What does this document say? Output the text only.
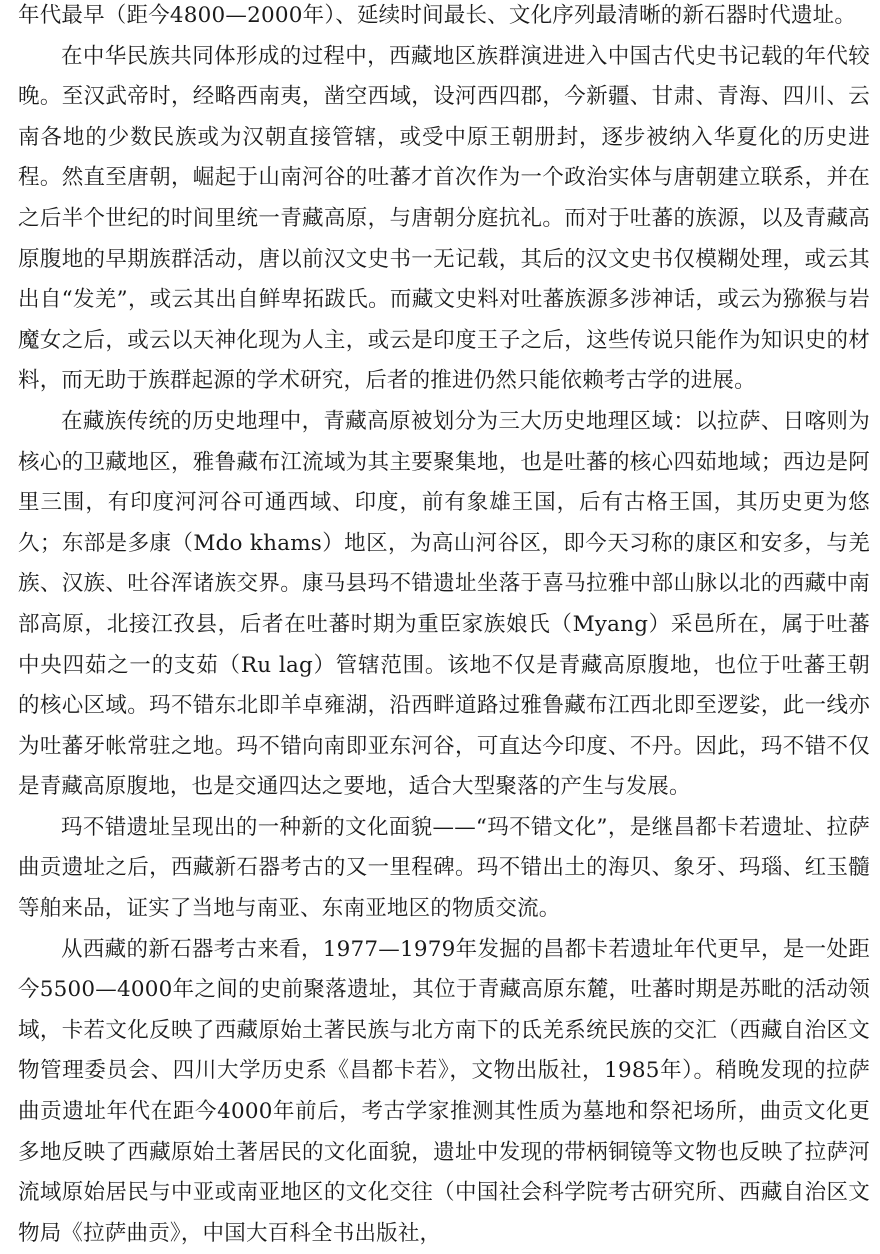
年代最早（距今4800—2000年）、延续时间最长、文化序列最清晰的新石器时代遗址。

在中华民族共同体形成的过程中，西藏地区族群演进进入中国古代史书记载的年代较晚。至汉武帝时，经略西南夷，凿空西域，设河西四郡，今新疆、甘肃、青海、四川、云南各地的少数民族或为汉朝直接管辖，或受中原王朝册封，逐步被纳入华夏化的历史进程。然直至唐朝，崛起于山南河谷的吐蕃才首次作为一个政治实体与唐朝建立联系，并在之后半个世纪的时间里统一青藏高原，与唐朝分庭抗礼。而对于吐蕃的族源，以及青藏高原腹地的早期族群活动，唐以前汉文史书一无记载，其后的汉文史书仅模糊处理，或云其出自“发羌”，或云其出自鲜卑拓跋氏。而藏文史料对吐蕃族源多涉神话，或云为猕猴与岩魔女之后，或云以天神化现为人主，或云是印度王子之后，这些传说只能作为知识史的材料，而无助于族群起源的学术研究，后者的推进仍然只能依赖考古学的进展。

在藏族传统的历史地理中，青藏高原被划分为三大历史地理区域：以拉萨、日喀则为核心的卫藏地区，雅鲁藏布江流域为其主要聚集地，也是吐蕃的核心四茹地域；西边是阿里三围，有印度河河谷可通西域、印度，前有象雄王国，后有古格王国，其历史更为悠久；东部是多康（Mdo khams）地区，为高山河谷区，即今天习称的康区和安多，与羌族、汉族、吐谷浑诸族交界。康马县玛不错遗址坐落于喜马拉雅中部山脉以北的西藏中南部高原，北接江孜县，后者在吐蕃时期为重臣家族娘氏（Myang）采邑所在，属于吐蕃中央四茹之一的支茹（Ru lag）管辖范围。该地不仅是青藏高原腹地，也位于吐蕃王朝的核心区域。玛不错东北即羊卓雍湖，沿西畔道路过雅鲁藏布江西北即至逻娑，此一线亦为吐蕃牙帐常驻之地。玛不错向南即亚东河谷，可直达今印度、不丹。因此，玛不错不仅是青藏高原腹地，也是交通四达之要地，适合大型聚落的产生与发展。

玛不错遗址呈现出的一种新的文化面貌——“玛不错文化”，是继昌都卡若遗址、拉萨曲贡遗址之后，西藏新石器考古的又一里程碑。玛不错出土的海贝、象牙、玛瑙、红玉髓等舶来品，证实了当地与南亚、东南亚地区的物质交流。

从西藏的新石器考古来看，1977—1979年发掘的昌都卡若遗址年代更早，是一处距今5500—4000年之间的史前聚落遗址，其位于青藏高原东麓，吐蕃时期是苏毗的活动领域，卡若文化反映了西藏原始土著民族与北方南下的氐羌系统民族的交汇（西藏自治区文物管理委员会、四川大学历史系《昌都卡若》，文物出版社，1985年）。稍晚发现的拉萨曲贡遗址年代在距今4000年前后，考古学家推测其性质为墓地和祭祀场所，曲贡文化更多地反映了西藏原始土著居民的文化面貌，遗址中发现的带柄铜镜等文物也反映了拉萨河流域原始居民与中亚或南亚地区的文化交往（中国社会科学院考古研究所、西藏自治区文物局《拉萨曲贡》，中国大百科全书出版社，
